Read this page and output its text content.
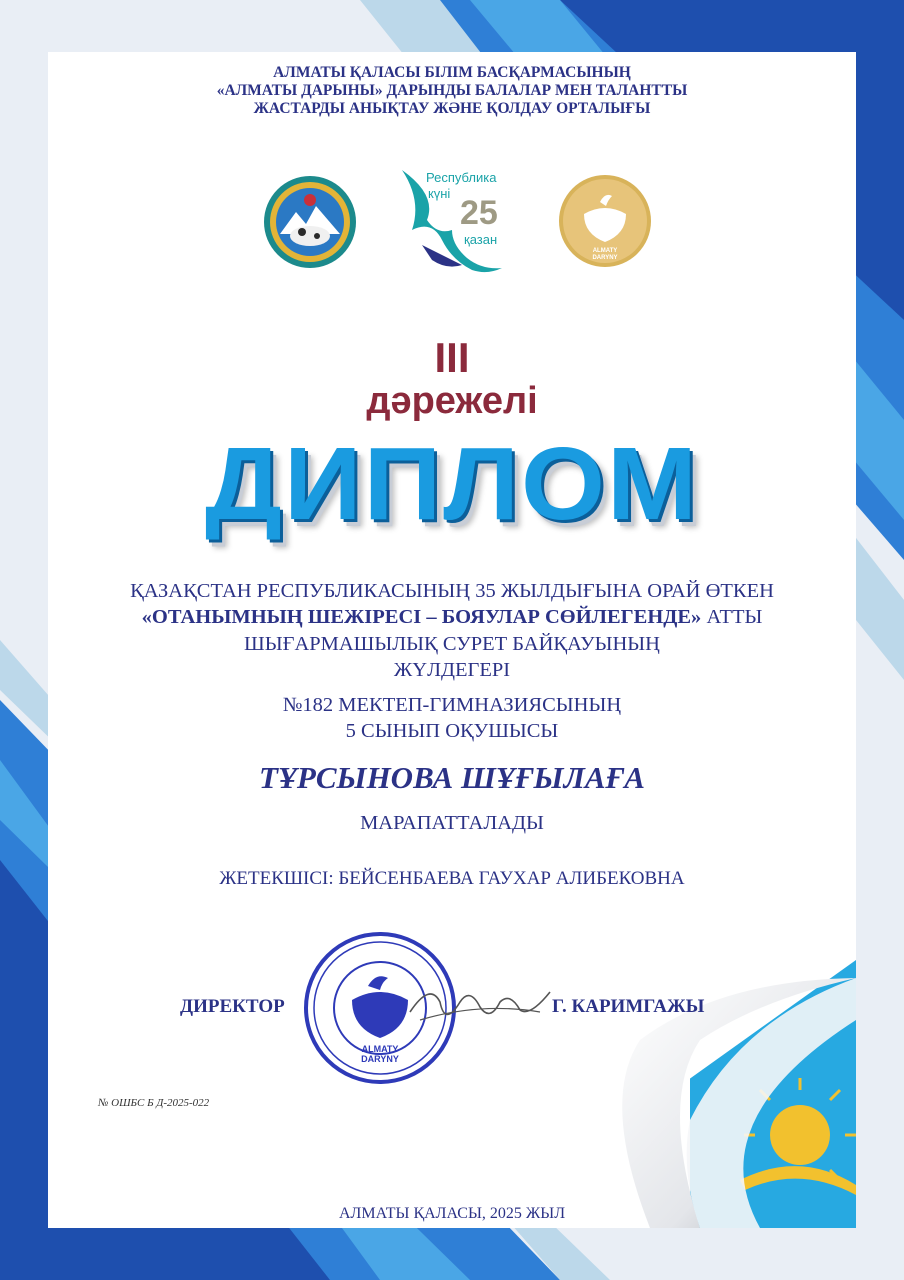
АЛМАТЫ ҚАЛАСЫ БІЛІМ БАСҚАРМАСЫНЫҢ
«АЛМАТЫ ДАРЫНЫ» ДАРЫНДЫ БАЛАЛАР МЕН ТАЛАНТТЫ
ЖАСТАРДЫ АНЫҚТАУ ЖӘНЕ ҚОЛДАУ ОРТАЛЫҒЫ
Республика
күні
25
қазан
ALMATY
DARYNY
III
дәрежелі
ДИПЛОМ
ҚАЗАҚСТАН РЕСПУБЛИКАСЫНЫҢ 35 ЖЫЛДЫҒЫНА ОРАЙ ӨТКЕН
«ОТАНЫМНЫҢ ШЕЖІРЕСІ – БОЯУЛАР СӨЙЛЕГЕНДЕ» АТТЫ
ШЫҒАРМАШЫЛЫҚ СУРЕТ БАЙҚАУЫНЫҢ
ЖҮЛДЕГЕРІ
№182 МЕКТЕП-ГИМНАЗИЯСЫНЫҢ
5 СЫНЫП ОҚУШЫСЫ
ТҰРСЫНОВА ШҰҒЫЛАҒА
МАРАПАТТАЛАДЫ
ЖЕТЕКШІСІ: БЕЙСЕНБАЕВА ГАУХАР АЛИБЕКОВНА
ALMATY
DARYNY
ДИРЕКТОР	Г. КАРИМГАЖЫ
№ ОШБС Б Д-2025-022
АЛМАТЫ ҚАЛАСЫ, 2025 ЖЫЛ
